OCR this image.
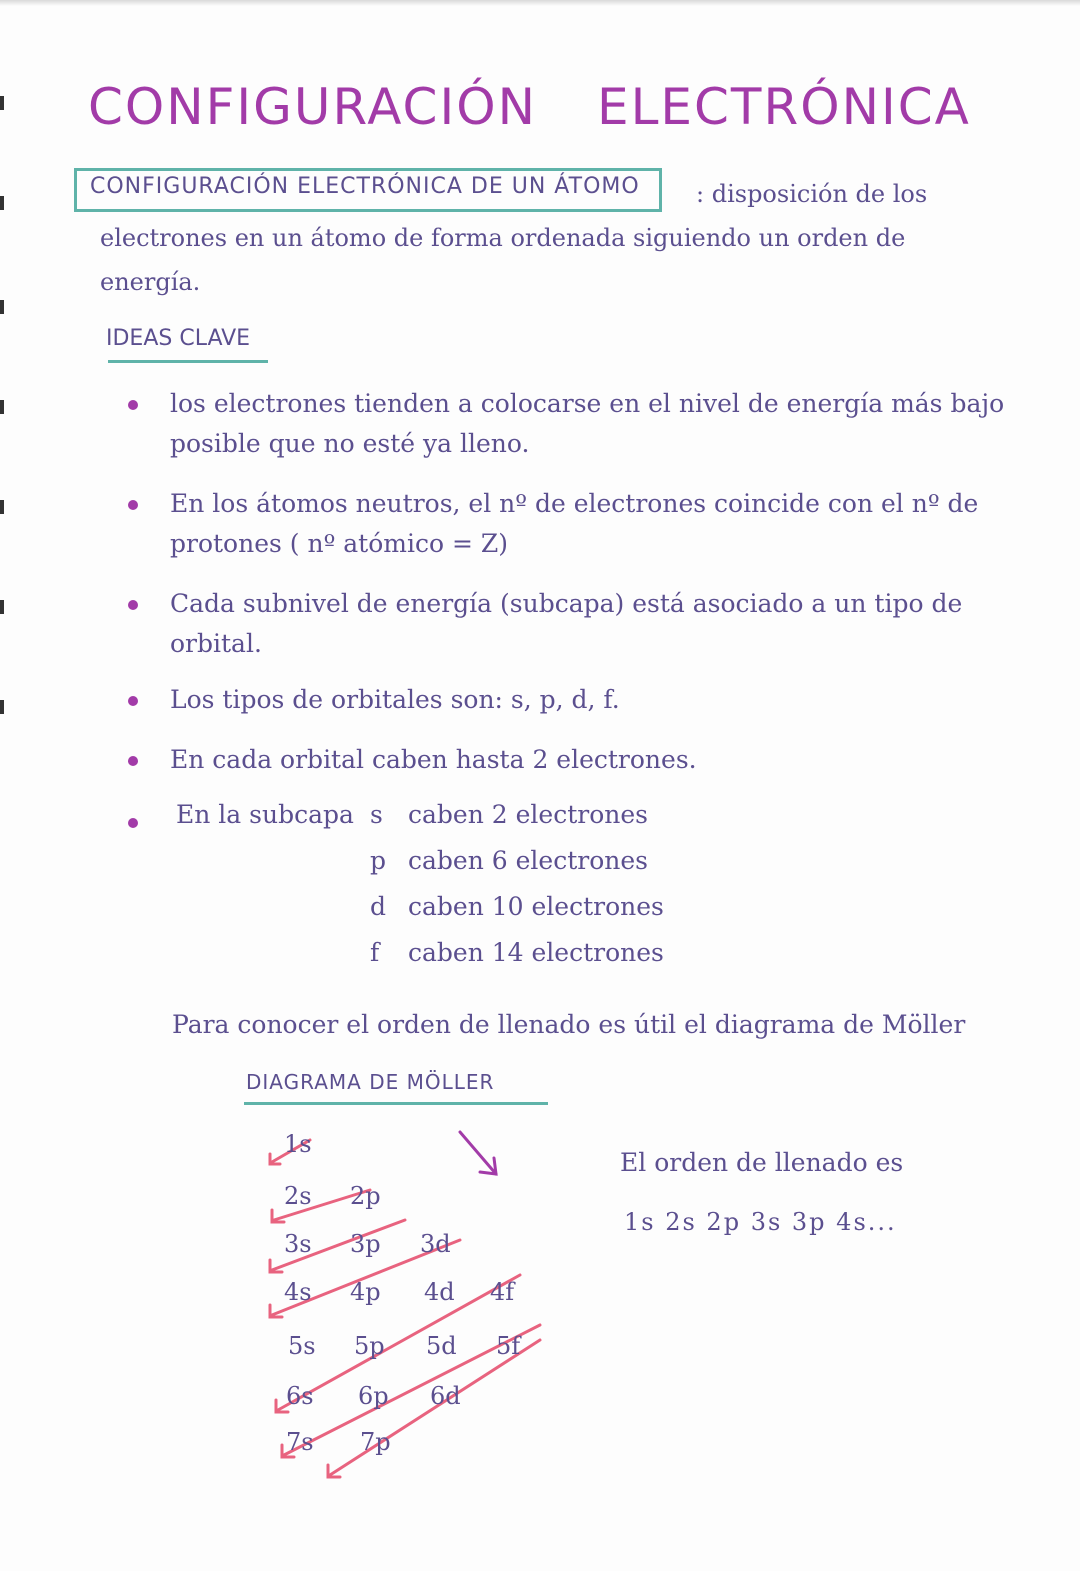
CONFIGURACIÓN ELECTRÓNICA
CONFIGURACIÓN ELECTRÓNICA DE UN ÁTOMO	: disposición de los electrones en un átomo de forma ordenada siguiendo un orden de energía.
IDEAS CLAVE
los electrones tienden a colocarse en el nivel de energía más bajo posible que no esté ya lleno.
En los átomos neutros, el nº de electrones coincide con el nº de protones ( nº atómico = Z)
Cada subnivel de energía (subcapa) está asociado a un tipo de orbital.
Los tipos de orbitales son: s, p, d, f.
En cada orbital caben hasta 2 electrones.
En la subcapa s caben 2 electrones
p caben 6 electrones
d caben 10 electrones
f caben 14 electrones
Para conocer el orden de llenado es útil el diagrama de Möller
DIAGRAMA DE MÖLLER
1s
2s 2p
3s 3p 3d
4s 4p 4d 4f
5s 5p 5d 5f
6s 6p 6d
7s 7p
El orden de llenado es
1s 2s 2p 3s 3p 4s...
